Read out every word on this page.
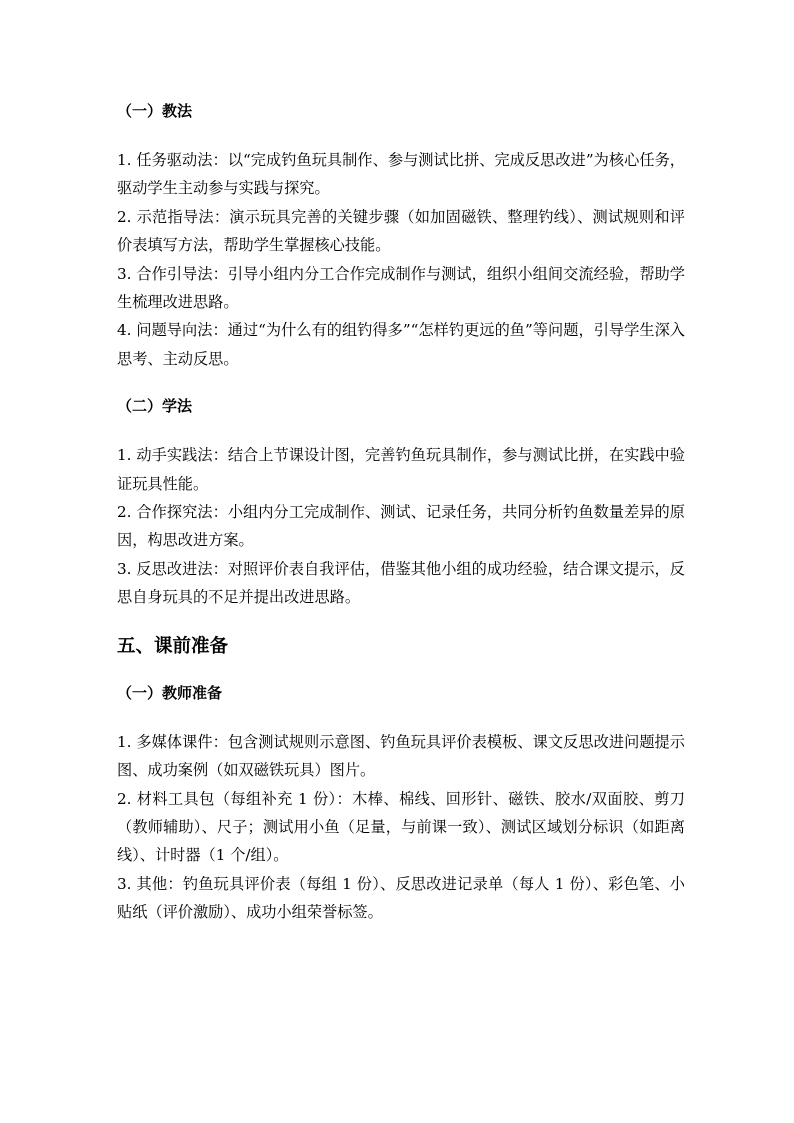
（一）教法

1. 任务驱动法：以“完成钓鱼玩具制作、参与测试比拼、完成反思改进”为核心任务，驱动学生主动参与实践与探究。

2. 示范指导法：演示玩具完善的关键步骤（如加固磁铁、整理钓线）、测试规则和评价表填写方法，帮助学生掌握核心技能。

3. 合作引导法：引导小组内分工合作完成制作与测试，组织小组间交流经验，帮助学生梳理改进思路。

4. 问题导向法：通过“为什么有的组钓得多”“怎样钓更远的鱼”等问题，引导学生深入思考、主动反思。

（二）学法

1. 动手实践法：结合上节课设计图，完善钓鱼玩具制作，参与测试比拼，在实践中验证玩具性能。

2. 合作探究法：小组内分工完成制作、测试、记录任务，共同分析钓鱼数量差异的原因，构思改进方案。

3. 反思改进法：对照评价表自我评估，借鉴其他小组的成功经验，结合课文提示，反思自身玩具的不足并提出改进思路。

五、课前准备

（一）教师准备

1. 多媒体课件：包含测试规则示意图、钓鱼玩具评价表模板、课文反思改进问题提示图、成功案例（如双磁铁玩具）图片。

2. 材料工具包（每组补充 1 份）：木棒、棉线、回形针、磁铁、胶水/双面胶、剪刀（教师辅助）、尺子；测试用小鱼（足量，与前课一致）、测试区域划分标识（如距离线）、计时器（1 个/组）。

3. 其他：钓鱼玩具评价表（每组 1 份）、反思改进记录单（每人 1 份）、彩色笔、小贴纸（评价激励）、成功小组荣誉标签。
